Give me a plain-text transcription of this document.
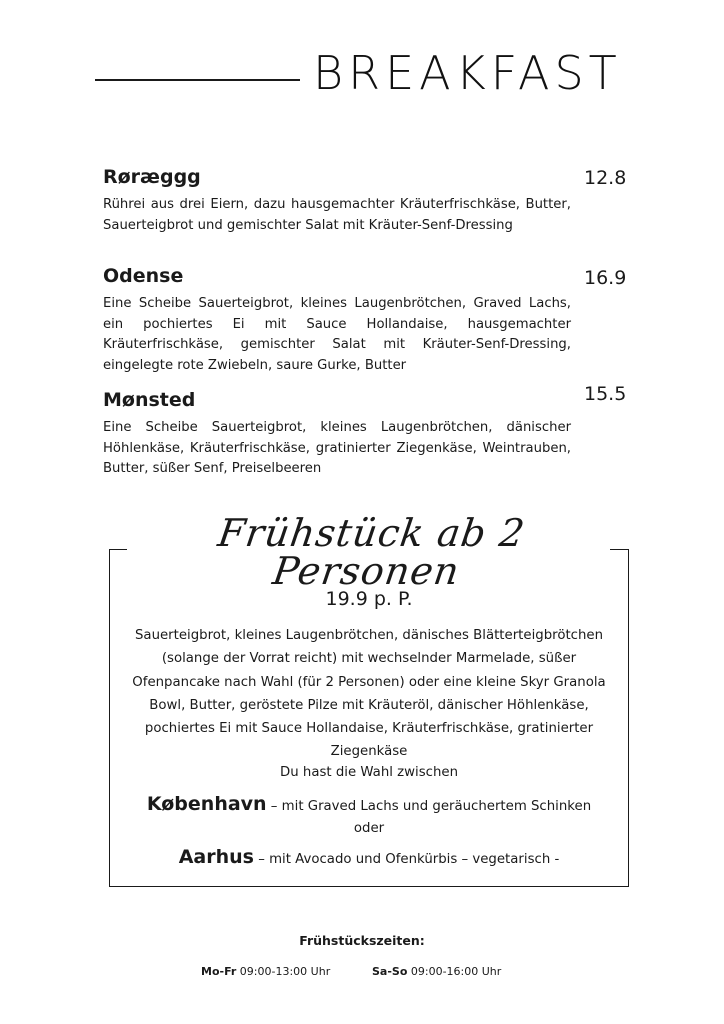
BREAKFAST
Røræggg
Rührei aus drei Eiern, dazu hausgemachter Kräuterfrischkäse, Butter, Sauerteigbrot und gemischter Salat mit Kräuter-Senf-Dressing
12.8
Odense
Eine Scheibe Sauerteigbrot, kleines Laugenbrötchen, Graved Lachs, ein pochiertes Ei mit Sauce Hollandaise, hausgemachter Kräuterfrischkäse, gemischter Salat mit Kräuter-Senf-Dressing, eingelegte rote Zwiebeln, saure Gurke, Butter
16.9
Mønsted
Eine Scheibe Sauerteigbrot, kleines Laugenbrötchen, dänischer Höhlenkäse, Kräuterfrischkäse, gratinierter Ziegenkäse, Weintrauben, Butter, süßer Senf, Preiselbeeren
15.5
Frühstück ab 2 Personen
19.9 p. P.
Sauerteigbrot, kleines Laugenbrötchen, dänisches Blätterteigbrötchen (solange der Vorrat reicht) mit wechselnder Marmelade, süßer Ofenpancake nach Wahl (für 2 Personen) oder eine kleine Skyr Granola Bowl, Butter, geröstete Pilze mit Kräuteröl, dänischer Höhlenkäse, pochiertes Ei mit Sauce Hollandaise, Kräuterfrischkäse, gratinierter Ziegenkäse
Du hast die Wahl zwischen
København – mit Graved Lachs und geräuchertem Schinken
oder
Aarhus – mit Avocado und Ofenkürbis – vegetarisch -
Frühstückszeiten:
Mo-Fr 09:00-13:00 Uhr	Sa-So 09:00-16:00 Uhr
